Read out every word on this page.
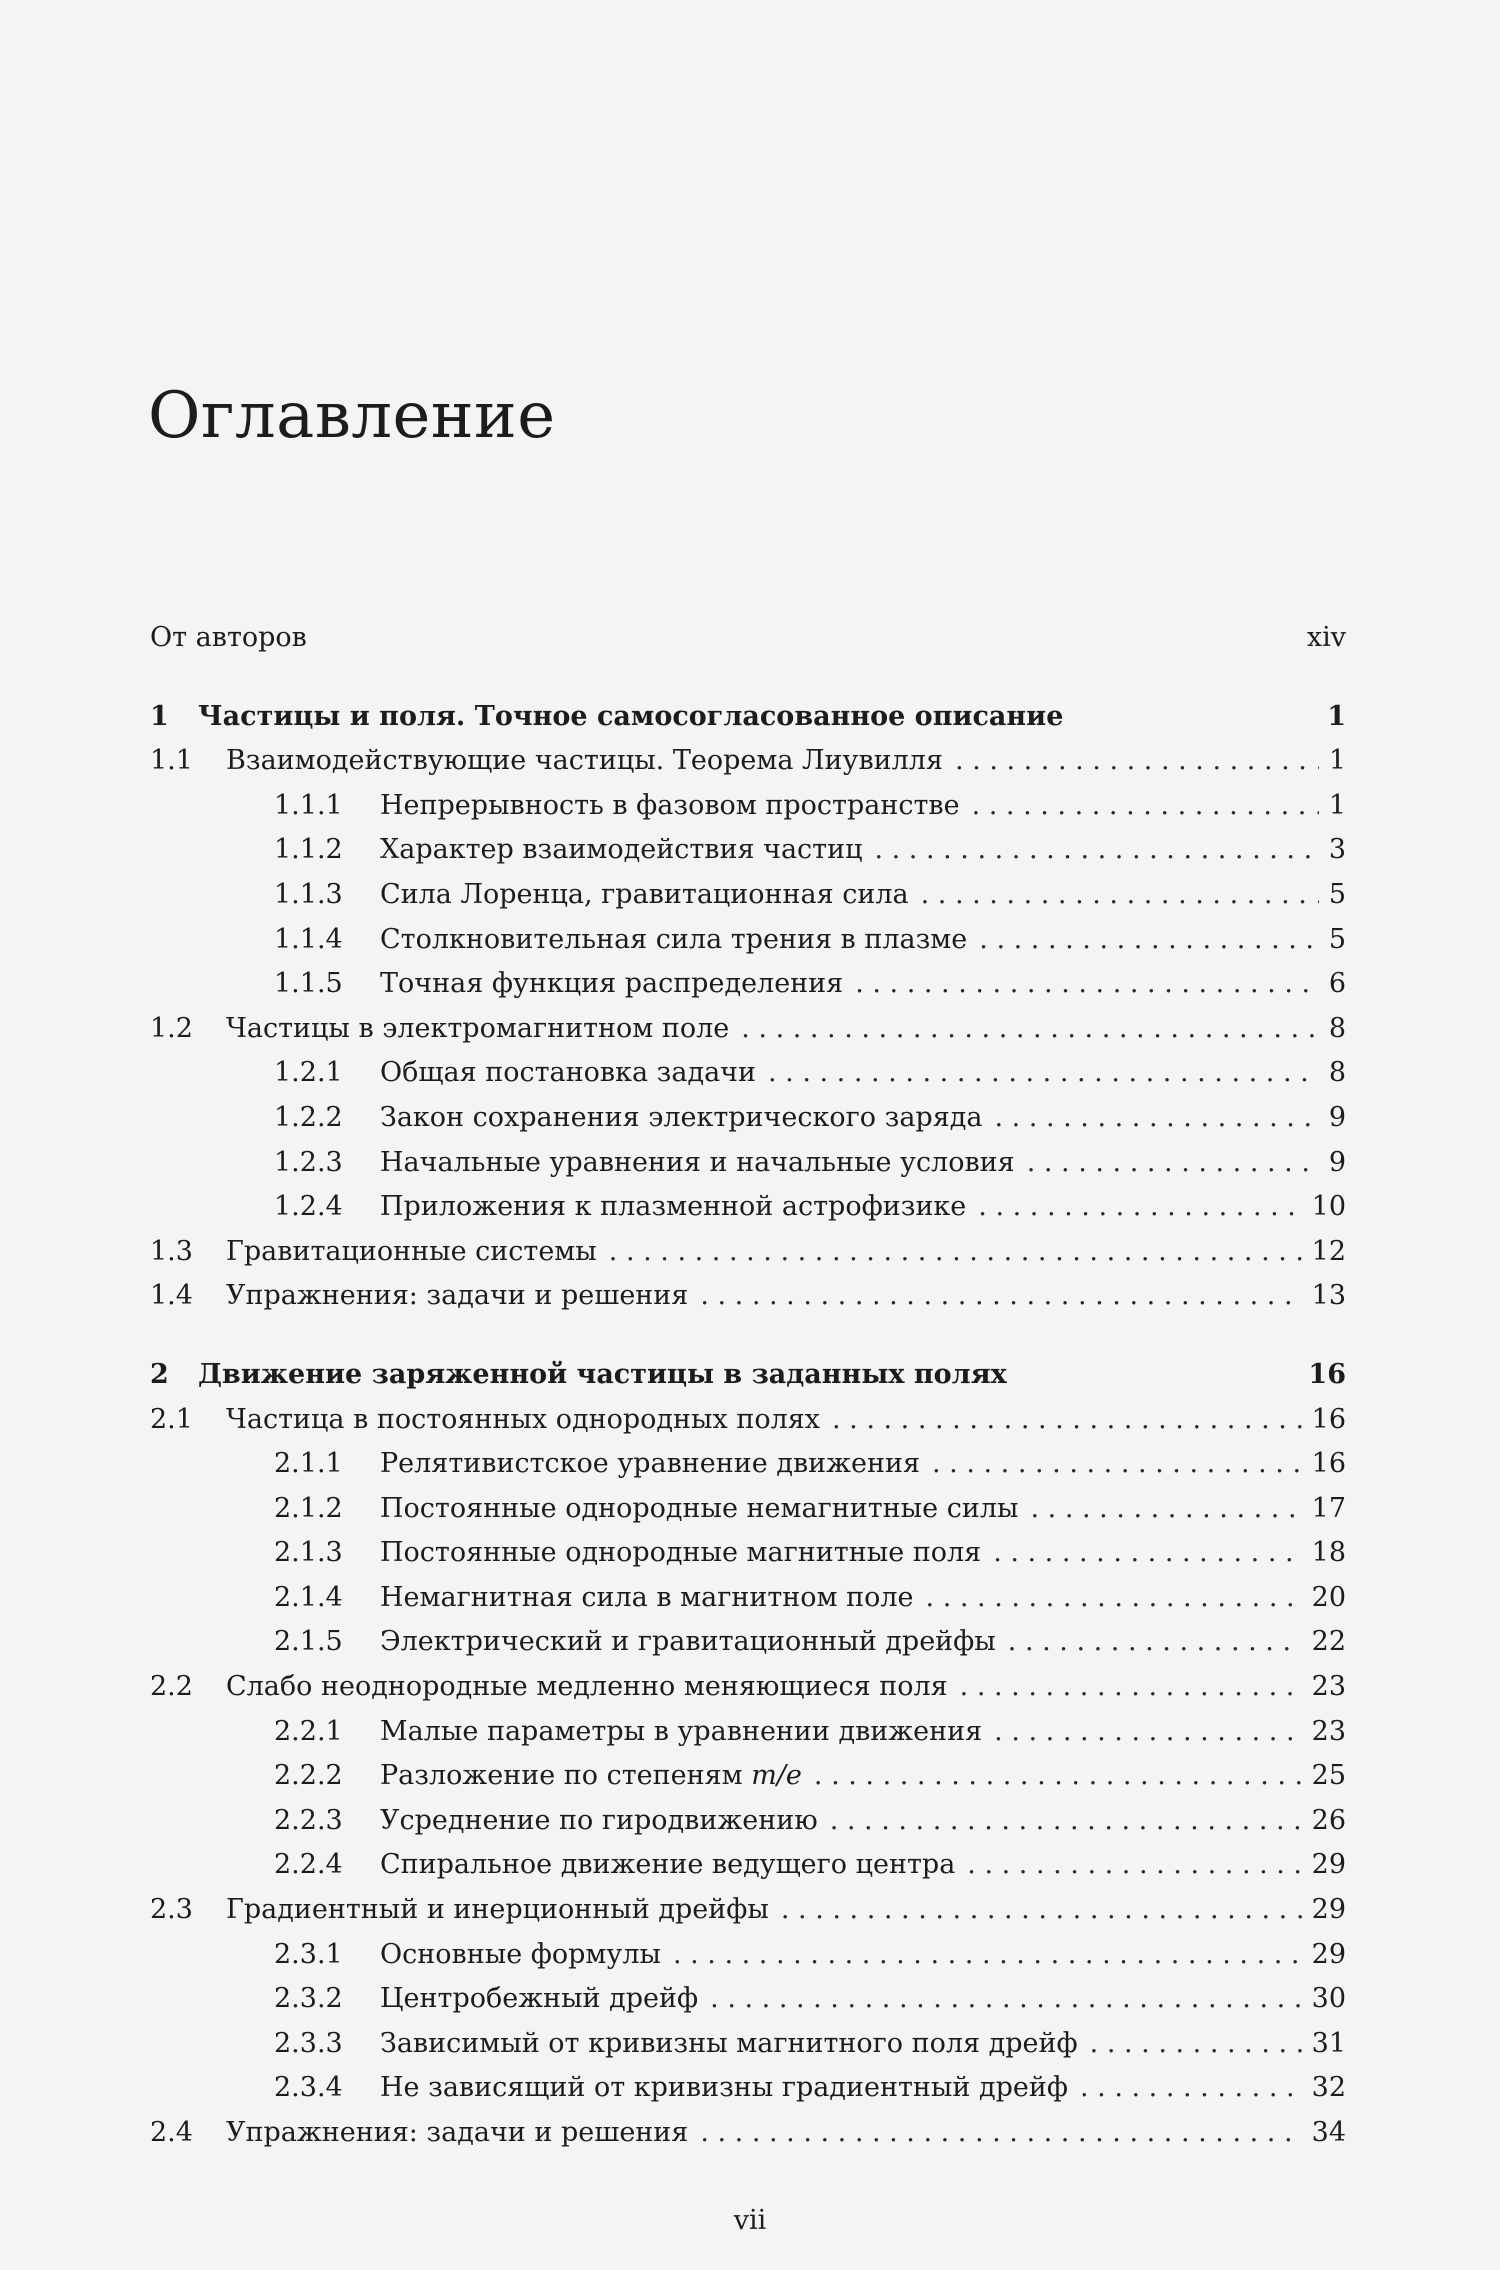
Оглавление
От авторов	xiv
1	Частицы и поля. Точное самосогласованное описание	1
1.1	Взаимодействующие частицы. Теорема Лиувилля . . .	1
1.1.1	Непрерывность в фазовом пространстве . . .	1
1.1.2	Характер взаимодействия частиц . . .	3
1.1.3	Сила Лоренца, гравитационная сила . . .	5
1.1.4	Столкновительная сила трения в плазме . . .	5
1.1.5	Точная функция распределения . . .	6
1.2	Частицы в электромагнитном поле . . .	8
1.2.1	Общая постановка задачи . . .	8
1.2.2	Закон сохранения электрического заряда . . .	9
1.2.3	Начальные уравнения и начальные условия . . .	9
1.2.4	Приложения к плазменной астрофизике . . .	10
1.3	Гравитационные системы . . .	12
1.4	Упражнения: задачи и решения . . .	13
2	Движение заряженной частицы в заданных полях	16
2.1	Частица в постоянных однородных полях . . .	16
2.1.1	Релятивистское уравнение движения . . .	16
2.1.2	Постоянные однородные немагнитные силы . . .	17
2.1.3	Постоянные однородные магнитные поля . . .	18
2.1.4	Немагнитная сила в магнитном поле . . .	20
2.1.5	Электрический и гравитационный дрейфы . . .	22
2.2	Слабо неоднородные медленно меняющиеся поля . . .	23
2.2.1	Малые параметры в уравнении движения . . .	23
2.2.2	Разложение по степеням m/e . . .	25
2.2.3	Усреднение по гиродвижению . . .	26
2.2.4	Спиральное движение ведущего центра . . .	29
2.3	Градиентный и инерционный дрейфы . . .	29
2.3.1	Основные формулы . . .	29
2.3.2	Центробежный дрейф . . .	30
2.3.3	Зависимый от кривизны магнитного поля дрейф . . .	31
2.3.4	Не зависящий от кривизны градиентный дрейф . . .	32
2.4	Упражнения: задачи и решения . . .	34
vii
